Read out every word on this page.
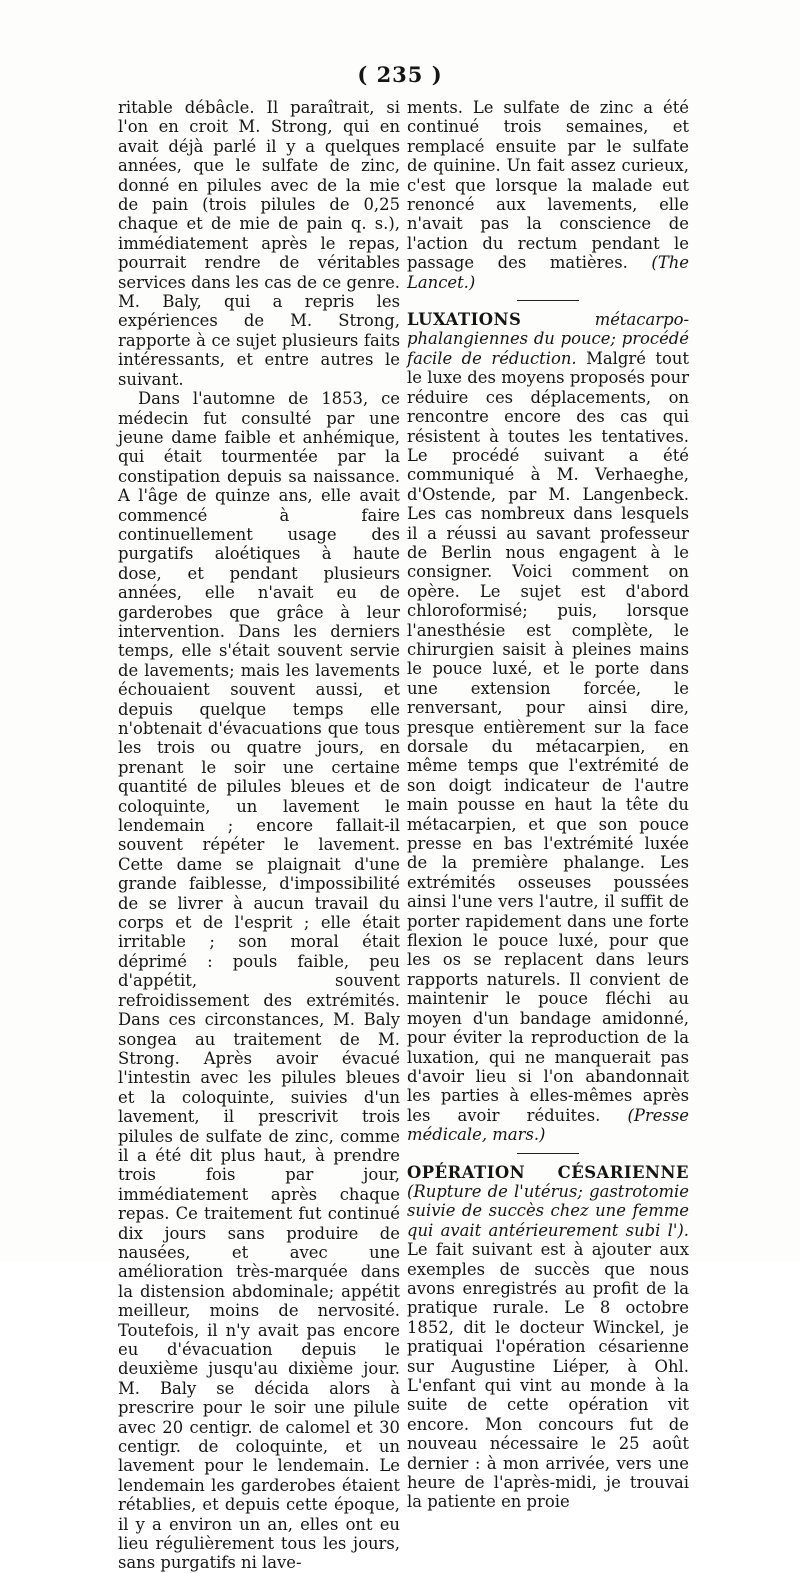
( 235 )

ritable débâcle. Il paraîtrait, si l'on en croit M. Strong, qui en avait déjà parlé il y a quelques années, que le sulfate de zinc, donné en pilules avec de la mie de pain (trois pilules de 0,25 chaque et de mie de pain q. s.), immédiatement après le repas, pourrait rendre de véritables services dans les cas de ce genre. M. Baly, qui a repris les expériences de M. Strong, rapporte à ce sujet plusieurs faits intéressants, et entre autres le suivant.

Dans l'automne de 1853, ce médecin fut consulté par une jeune dame faible et anhémique, qui était tourmentée par la constipation depuis sa naissance. A l'âge de quinze ans, elle avait commencé à faire continuellement usage des purgatifs aloétiques à haute dose, et pendant plusieurs années, elle n'avait eu de garderobes que grâce à leur intervention. Dans les derniers temps, elle s'était souvent servie de lavements; mais les lavements échouaient souvent aussi, et depuis quelque temps elle n'obtenait d'évacuations que tous les trois ou quatre jours, en prenant le soir une certaine quantité de pilules bleues et de coloquinte, un lavement le lendemain ; encore fallait-il souvent répéter le lavement. Cette dame se plaignait d'une grande faiblesse, d'impossibilité de se livrer à aucun travail du corps et de l'esprit ; elle était irritable ; son moral était déprimé : pouls faible, peu d'appétit, souvent refroidissement des extrémités. Dans ces circonstances, M. Baly songea au traitement de M. Strong. Après avoir évacué l'intestin avec les pilules bleues et la coloquinte, suivies d'un lavement, il prescrivit trois pilules de sulfate de zinc, comme il a été dit plus haut, à prendre trois fois par jour, immédiatement après chaque repas. Ce traitement fut continué dix jours sans produire de nausées, et avec une amélioration très-marquée dans la distension abdominale; appétit meilleur, moins de nervosité. Toutefois, il n'y avait pas encore eu d'évacuation depuis le deuxième jusqu'au dixième jour. M. Baly se décida alors à prescrire pour le soir une pilule avec 20 centigr. de calomel et 30 centigr. de coloquinte, et un lavement pour le lendemain. Le lendemain les garderobes étaient rétablies, et depuis cette époque, il y a environ un an, elles ont eu lieu régulièrement tous les jours, sans purgatifs ni lave-

ments. Le sulfate de zinc a été continué trois semaines, et remplacé ensuite par le sulfate de quinine. Un fait assez curieux, c'est que lorsque la malade eut renoncé aux lavements, elle n'avait pas la conscience de l'action du rectum pendant le passage des matières. (The Lancet.)

LUXATIONS	métacarpo-phalangiennes du pouce; procédé facile de réduction. Malgré tout le luxe des moyens proposés pour réduire ces déplacements, on rencontre encore des cas qui résistent à toutes les tentatives. Le procédé suivant a été communiqué à M. Verhaeghe, d'Ostende, par M. Langenbeck. Les cas nombreux dans lesquels il a réussi au savant professeur de Berlin nous engagent à le consigner. Voici comment on opère. Le sujet est d'abord chloroformisé; puis, lorsque l'anesthésie est complète, le chirurgien saisit à pleines mains le pouce luxé, et le porte dans une extension forcée, le renversant, pour ainsi dire, presque entièrement sur la face dorsale du métacarpien, en même temps que l'extrémité de son doigt indicateur de l'autre main pousse en haut la tête du métacarpien, et que son pouce presse en bas l'extrémité luxée de la première phalange. Les extrémités osseuses poussées ainsi l'une vers l'autre, il suffit de porter rapidement dans une forte flexion le pouce luxé, pour que les os se replacent dans leurs rapports naturels. Il convient de maintenir le pouce fléchi au moyen d'un bandage amidonné, pour éviter la reproduction de la luxation, qui ne manquerait pas d'avoir lieu si l'on abandonnait les parties à elles-mêmes après les avoir réduites. (Presse médicale, mars.)

OPÉRATION CÉSARIENNE (Rupture de l'utérus; gastrotomie suivie de succès chez une femme qui avait antérieurement subi l'). Le fait suivant est à ajouter aux exemples de succès que nous avons enregistrés au profit de la pratique rurale. Le 8 octobre 1852, dit le docteur Winckel, je pratiquai l'opération césarienne sur Augustine Liéper, à Ohl. L'enfant qui vint au monde à la suite de cette opération vit encore. Mon concours fut de nouveau nécessaire le 25 août dernier : à mon arrivée, vers une heure de l'après-midi, je trouvai la patiente en proie
